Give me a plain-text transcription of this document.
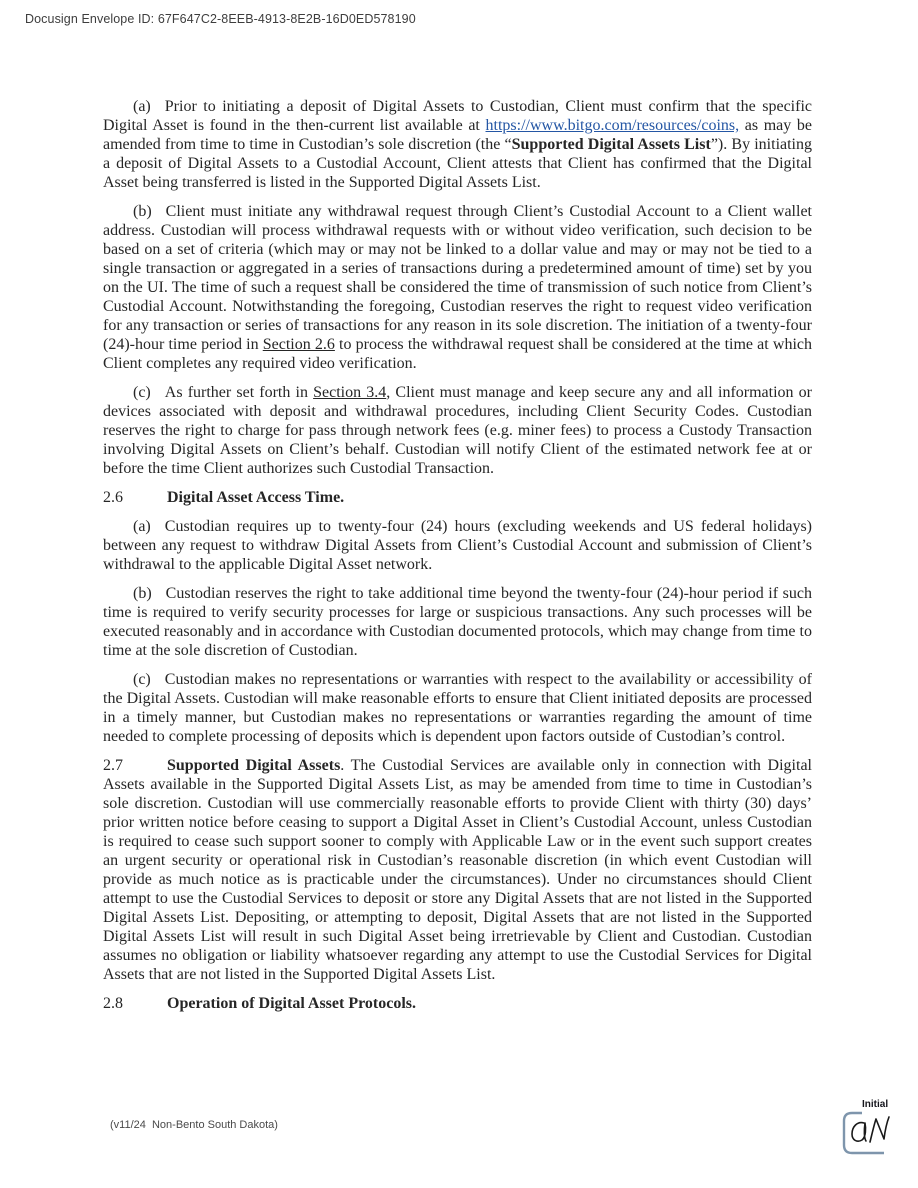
Docusign Envelope ID: 67F647C2-8EEB-4913-8E2B-16D0ED578190

(a) Prior to initiating a deposit of Digital Assets to Custodian, Client must confirm that the specific Digital Asset is found in the then-current list available at https://www.bitgo.com/resources/coins, as may be amended from time to time in Custodian’s sole discretion (the “Supported Digital Assets List”). By initiating a deposit of Digital Assets to a Custodial Account, Client attests that Client has confirmed that the Digital Asset being transferred is listed in the Supported Digital Assets List.

(b) Client must initiate any withdrawal request through Client’s Custodial Account to a Client wallet address. Custodian will process withdrawal requests with or without video verification, such decision to be based on a set of criteria (which may or may not be linked to a dollar value and may or may not be tied to a single transaction or aggregated in a series of transactions during a predetermined amount of time) set by you on the UI. The time of such a request shall be considered the time of transmission of such notice from Client’s Custodial Account. Notwithstanding the foregoing, Custodian reserves the right to request video verification for any transaction or series of transactions for any reason in its sole discretion. The initiation of a twenty-four (24)-hour time period in Section 2.6 to process the withdrawal request shall be considered at the time at which Client completes any required video verification.

(c) As further set forth in Section 3.4, Client must manage and keep secure any and all information or devices associated with deposit and withdrawal procedures, including Client Security Codes. Custodian reserves the right to charge for pass through network fees (e.g. miner fees) to process a Custody Transaction involving Digital Assets on Client’s behalf. Custodian will notify Client of the estimated network fee at or before the time Client authorizes such Custodial Transaction.

2.6	Digital Asset Access Time.

(a) Custodian requires up to twenty-four (24) hours (excluding weekends and US federal holidays) between any request to withdraw Digital Assets from Client’s Custodial Account and submission of Client’s withdrawal to the applicable Digital Asset network.

(b) Custodian reserves the right to take additional time beyond the twenty-four (24)-hour period if such time is required to verify security processes for large or suspicious transactions. Any such processes will be executed reasonably and in accordance with Custodian documented protocols, which may change from time to time at the sole discretion of Custodian.

(c) Custodian makes no representations or warranties with respect to the availability or accessibility of the Digital Assets. Custodian will make reasonable efforts to ensure that Client initiated deposits are processed in a timely manner, but Custodian makes no representations or warranties regarding the amount of time needed to complete processing of deposits which is dependent upon factors outside of Custodian’s control.

2.7	Supported Digital Assets. The Custodial Services are available only in connection with Digital Assets available in the Supported Digital Assets List, as may be amended from time to time in Custodian’s sole discretion. Custodian will use commercially reasonable efforts to provide Client with thirty (30) days’ prior written notice before ceasing to support a Digital Asset in Client’s Custodial Account, unless Custodian is required to cease such support sooner to comply with Applicable Law or in the event such support creates an urgent security or operational risk in Custodian’s reasonable discretion (in which event Custodian will provide as much notice as is practicable under the circumstances). Under no circumstances should Client attempt to use the Custodial Services to deposit or store any Digital Assets that are not listed in the Supported Digital Assets List. Depositing, or attempting to deposit, Digital Assets that are not listed in the Supported Digital Assets List will result in such Digital Asset being irretrievable by Client and Custodian. Custodian assumes no obligation or liability whatsoever regarding any attempt to use the Custodial Services for Digital Assets that are not listed in the Supported Digital Assets List.

2.8	Operation of Digital Asset Protocols.

(v11/24  Non-Bento South Dakota)
Initial
